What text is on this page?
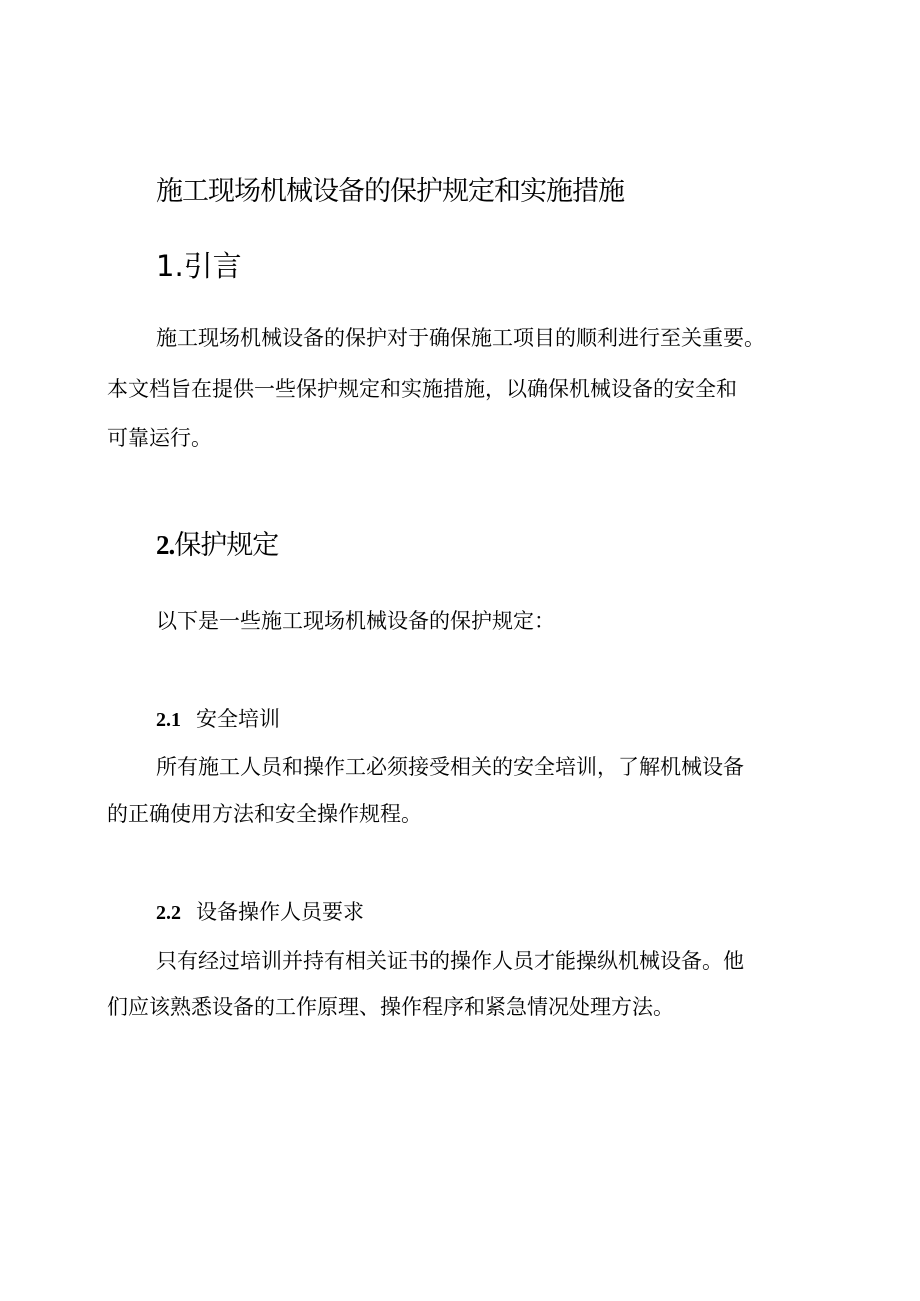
施工现场机械设备的保护规定和实施措施
1.引言

施工现场机械设备的保护对于确保施工项目的顺利进行至关重要。

本文档旨在提供一些保护规定和实施措施，以确保机械设备的安全和

可靠运行。

2.保护规定

以下是一些施工现场机械设备的保护规定：

2.1 安全培训

所有施工人员和操作工必须接受相关的安全培训，了解机械设备

的正确使用方法和安全操作规程。

2.2 设备操作人员要求

只有经过培训并持有相关证书的操作人员才能操纵机械设备。他

们应该熟悉设备的工作原理、操作程序和紧急情况处理方法。
